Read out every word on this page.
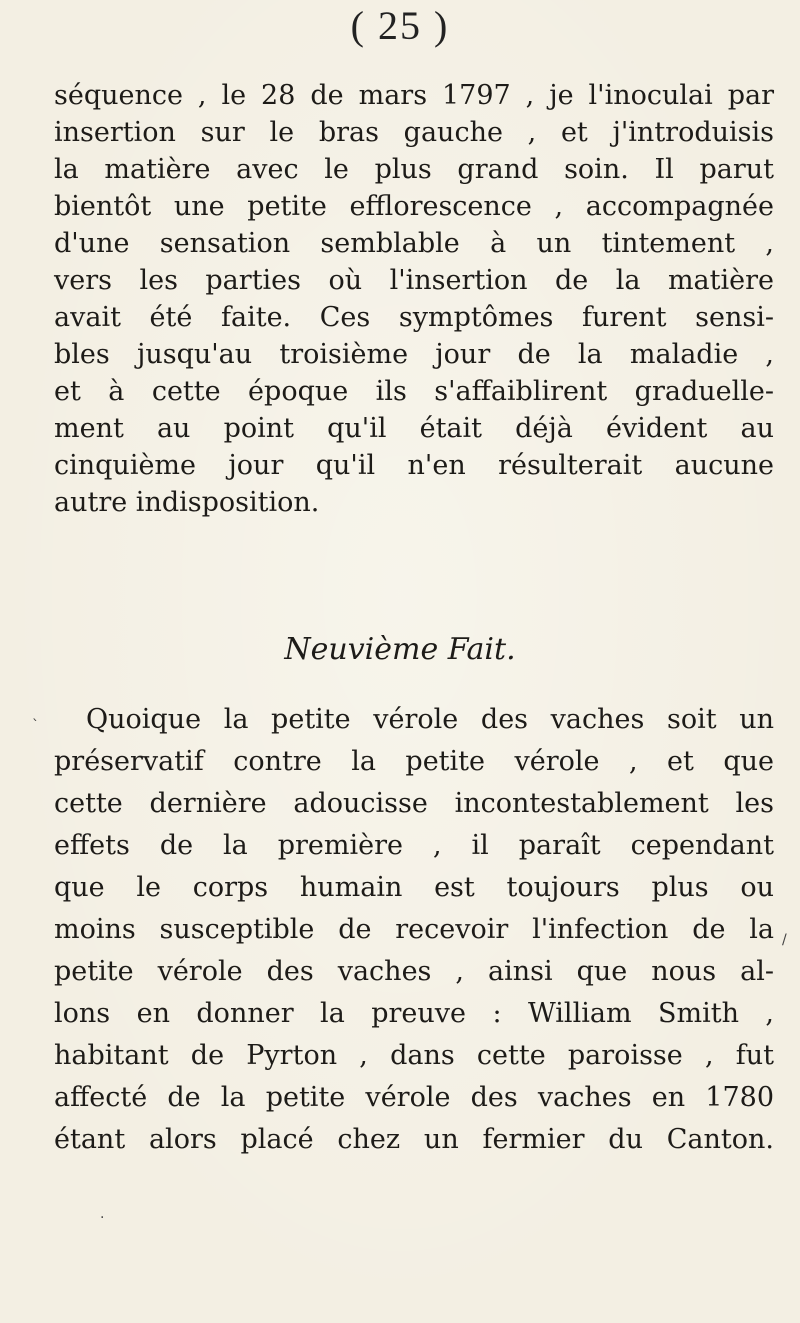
( 25 )
séquence , le 28 de mars 1797 , je l'inoculai par
insertion sur le bras gauche , et j'introduisis
la matière avec le plus grand soin. Il parut
bientôt une petite efflorescence , accompagnée
d'une sensation semblable à un tintement ,
vers les parties où l'insertion de la matière
avait été faite. Ces symptômes furent sensi-
bles jusqu'au troisième jour de la maladie ,
et à cette époque ils s'affaiblirent graduelle-
ment au point qu'il était déjà évident au
cinquième jour qu'il n'en résulterait aucune
autre indisposition.
Neuvième Fait.
Quoique la petite vérole des vaches soit un
préservatif contre la petite vérole , et que
cette dernière adoucisse incontestablement les
effets de la première , il paraît cependant
que le corps humain est toujours plus ou
moins susceptible de recevoir l'infection de la
petite vérole des vaches , ainsi que nous al-
lons en donner la preuve : William Smith ,
habitant de Pyrton , dans cette paroisse , fut
affecté de la petite vérole des vaches en 1780
étant alors placé chez un fermier du Canton.
`
/
·
